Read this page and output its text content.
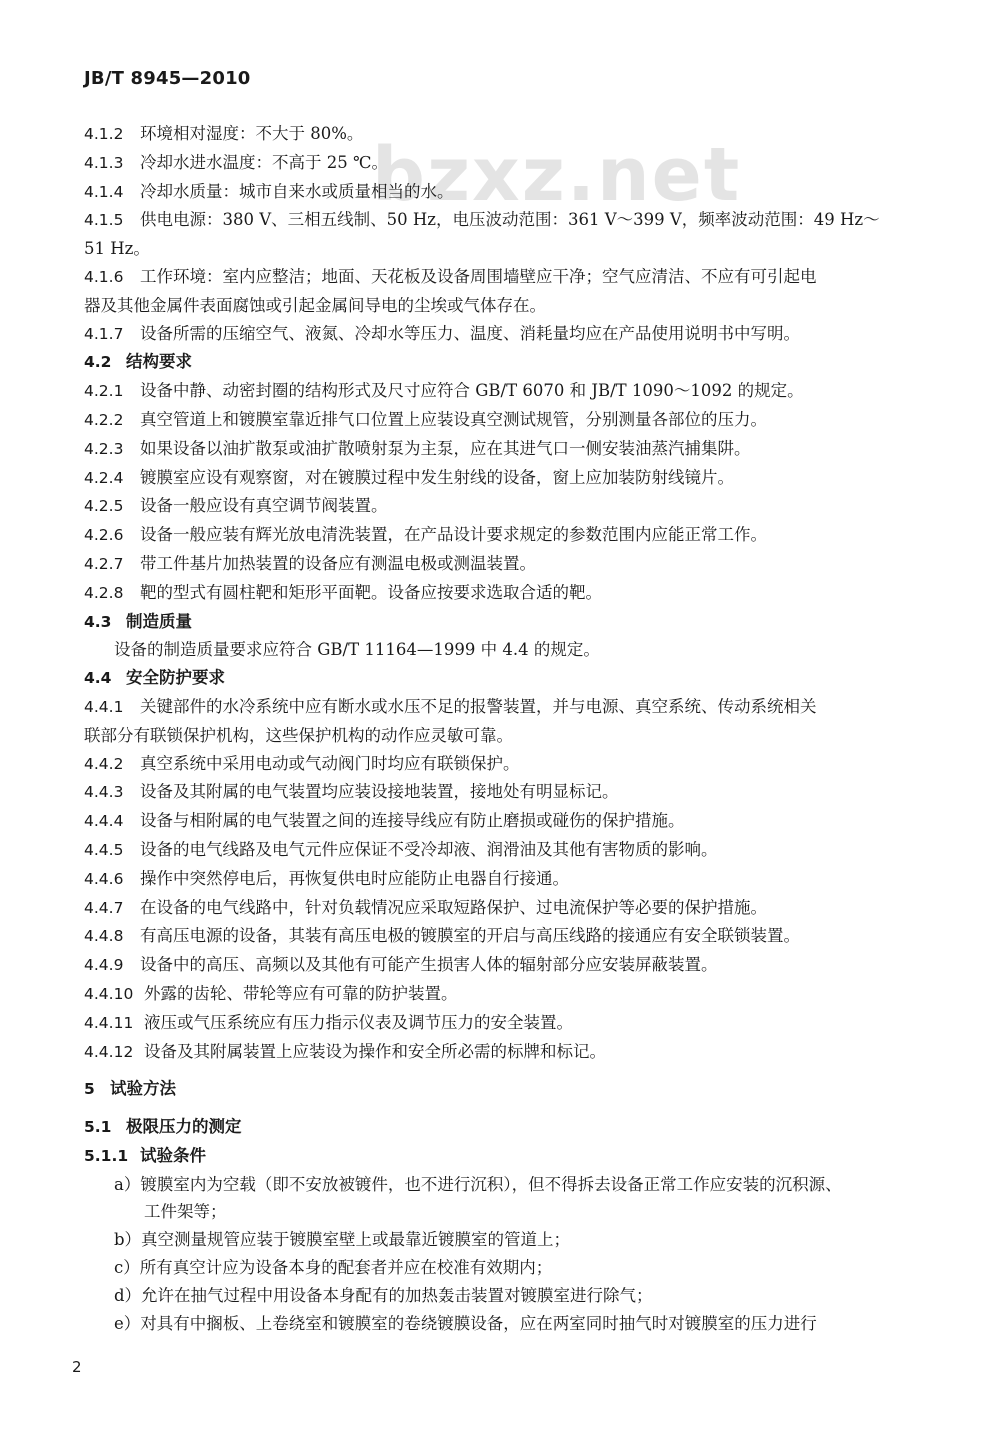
JB/T 8945—2010
bzxz.net
4.1.2 环境相对湿度：不大于 80%。
4.1.3 冷却水进水温度：不高于 25 ℃。
4.1.4 冷却水质量：城市自来水或质量相当的水。
4.1.5 供电电源：380 V、三相五线制、50 Hz，电压波动范围：361 V～399 V，频率波动范围：49 Hz～
51 Hz。
4.1.6 工作环境：室内应整洁；地面、天花板及设备周围墙壁应干净；空气应清洁、不应有可引起电
器及其他金属件表面腐蚀或引起金属间导电的尘埃或气体存在。
4.1.7 设备所需的压缩空气、液氮、冷却水等压力、温度、消耗量均应在产品使用说明书中写明。
4.2 结构要求
4.2.1 设备中静、动密封圈的结构形式及尺寸应符合 GB/T 6070 和 JB/T 1090～1092 的规定。
4.2.2 真空管道上和镀膜室靠近排气口位置上应装设真空测试规管，分别测量各部位的压力。
4.2.3 如果设备以油扩散泵或油扩散喷射泵为主泵，应在其进气口一侧安装油蒸汽捕集阱。
4.2.4 镀膜室应设有观察窗，对在镀膜过程中发生射线的设备，窗上应加装防射线镜片。
4.2.5 设备一般应设有真空调节阀装置。
4.2.6 设备一般应装有辉光放电清洗装置，在产品设计要求规定的参数范围内应能正常工作。
4.2.7 带工件基片加热装置的设备应有测温电极或测温装置。
4.2.8 靶的型式有圆柱靶和矩形平面靶。设备应按要求选取合适的靶。
4.3 制造质量
设备的制造质量要求应符合 GB/T 11164—1999 中 4.4 的规定。
4.4 安全防护要求
4.4.1 关键部件的水冷系统中应有断水或水压不足的报警装置，并与电源、真空系统、传动系统相关
联部分有联锁保护机构，这些保护机构的动作应灵敏可靠。
4.4.2 真空系统中采用电动或气动阀门时均应有联锁保护。
4.4.3 设备及其附属的电气装置均应装设接地装置，接地处有明显标记。
4.4.4 设备与相附属的电气装置之间的连接导线应有防止磨损或碰伤的保护措施。
4.4.5 设备的电气线路及电气元件应保证不受冷却液、润滑油及其他有害物质的影响。
4.4.6 操作中突然停电后，再恢复供电时应能防止电器自行接通。
4.4.7 在设备的电气线路中，针对负载情况应采取短路保护、过电流保护等必要的保护措施。
4.4.8 有高压电源的设备，其装有高压电极的镀膜室的开启与高压线路的接通应有安全联锁装置。
4.4.9 设备中的高压、高频以及其他有可能产生损害人体的辐射部分应安装屏蔽装置。
4.4.10 外露的齿轮、带轮等应有可靠的防护装置。
4.4.11 液压或气压系统应有压力指示仪表及调节压力的安全装置。
4.4.12 设备及其附属装置上应装设为操作和安全所必需的标牌和标记。
5 试验方法
5.1 极限压力的测定
5.1.1 试验条件
a）镀膜室内为空载（即不安放被镀件，也不进行沉积），但不得拆去设备正常工作应安装的沉积源、
工件架等；
b）真空测量规管应装于镀膜室壁上或最靠近镀膜室的管道上；
c）所有真空计应为设备本身的配套者并应在校准有效期内；
d）允许在抽气过程中用设备本身配有的加热轰击装置对镀膜室进行除气；
e）对具有中搁板、上卷绕室和镀膜室的卷绕镀膜设备，应在两室同时抽气时对镀膜室的压力进行
2
